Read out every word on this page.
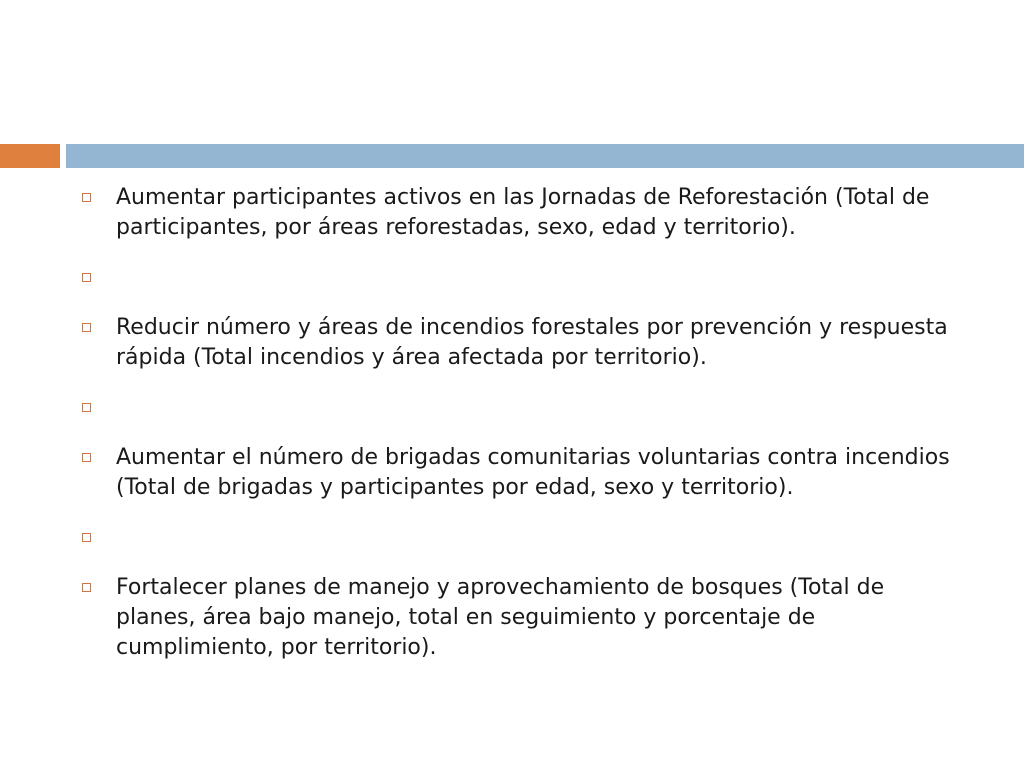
Aumentar participantes activos en las Jornadas de Reforestación (Total de participantes, por áreas reforestadas, sexo, edad y territorio).
Reducir número y áreas de incendios forestales por prevención y respuesta rápida (Total incendios y área afectada por territorio).
Aumentar el número de brigadas comunitarias voluntarias contra incendios (Total de brigadas y participantes por edad, sexo y territorio).
Fortalecer planes de manejo y aprovechamiento de bosques (Total de planes, área bajo manejo, total en seguimiento y porcentaje de cumplimiento, por territorio).
